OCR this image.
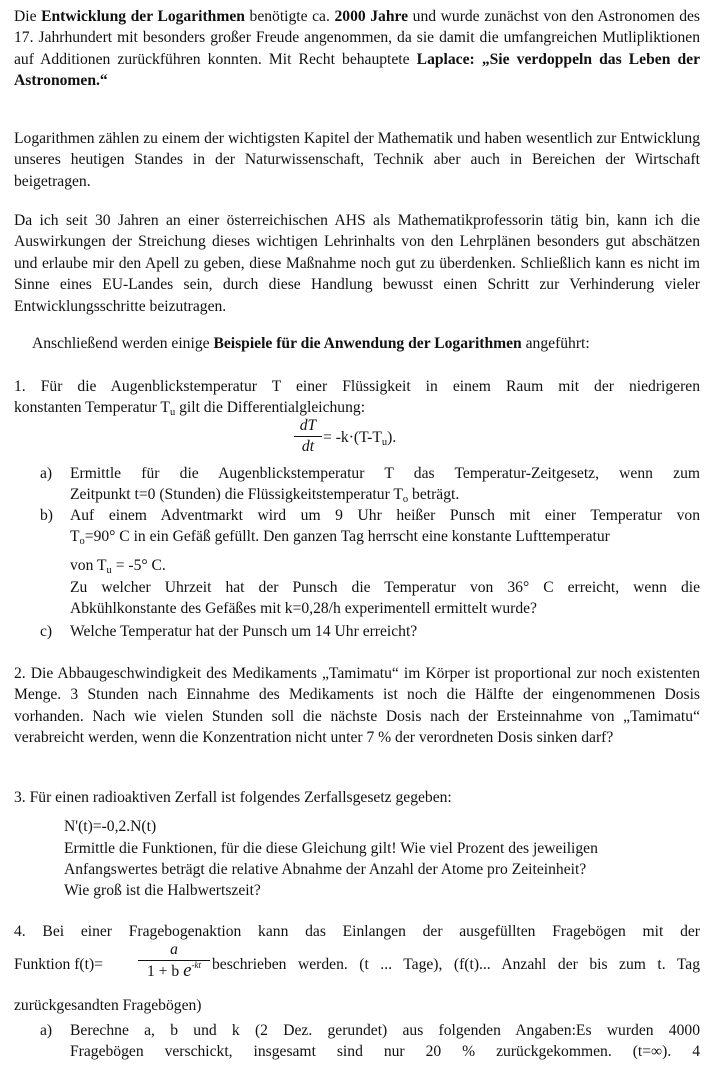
Die Entwicklung der Logarithmen benötigte ca. 2000 Jahre und wurde zunächst von den Astronomen des 17. Jahrhundert mit besonders großer Freude angenommen, da sie damit die umfangreichen Mutlipliktionen auf Additionen zurückführen konnten. Mit Recht behauptete Laplace: „Sie verdoppeln das Leben der Astronomen.“

Logarithmen zählen zu einem der wichtigsten Kapitel der Mathematik und haben wesentlich zur Entwicklung unseres heutigen Standes in der Naturwissenschaft, Technik aber auch in Bereichen der Wirtschaft beigetragen.

Da ich seit 30 Jahren an einer österreichischen AHS als Mathematikprofessorin tätig bin, kann ich die Auswirkungen der Streichung dieses wichtigen Lehrinhalts von den Lehrplänen besonders gut abschätzen und erlaube mir den Apell zu geben, diese Maßnahme noch gut zu überdenken. Schließlich kann es nicht im Sinne eines EU-Landes sein, durch diese Handlung bewusst einen Schritt zur Verhinderung vieler Entwicklungsschritte beizutragen.

Anschließend werden einige Beispiele für die Anwendung der Logarithmen angeführt:

1. Für die Augenblickstemperatur T einer Flüssigkeit in einem Raum mit der niedrigeren
konstanten Temperatur Tu gilt die Differentialgleichung:
dT
dt
= -k·(T-Tu).
a) Ermittle für die Augenblickstemperatur T das Temperatur-Zeitgesetz, wenn zum
Zeitpunkt t=0 (Stunden) die Flüssigkeitstemperatur To beträgt.
b) Auf einem Adventmarkt wird um 9 Uhr heißer Punsch mit einer Temperatur von
To=90° C in ein Gefäß gefüllt. Den ganzen Tag herrscht eine konstante Lufttemperatur
von Tu = -5° C.
Zu welcher Uhrzeit hat der Punsch die Temperatur von 36° C erreicht, wenn die
Abkühlkonstante des Gefäßes mit k=0,28/h experimentell ermittelt wurde?
c) Welche Temperatur hat der Punsch um 14 Uhr erreicht?

2. Die Abbaugeschwindigkeit des Medikaments „Tamimatu“ im Körper ist proportional zur noch existenten Menge. 3 Stunden nach Einnahme des Medikaments ist noch die Hälfte der eingenommenen Dosis vorhanden. Nach wie vielen Stunden soll die nächste Dosis nach der Ersteinnahme von „Tamimatu“ verabreicht werden, wenn die Konzentration nicht unter 7 % der verordneten Dosis sinken darf?

3. Für einen radioaktiven Zerfall ist folgendes Zerfallsgesetz gegeben:
N'(t)=-0,2.N(t)
Ermittle die Funktionen, für die diese Gleichung gilt! Wie viel Prozent des jeweiligen
Anfangswertes beträgt die relative Abnahme der Anzahl der Atome pro Zeiteinheit?
Wie groß ist die Halbwertszeit?
4. Bei einer Fragebogenaktion kann das Einlangen der ausgefüllten Fragebögen mit der
Funktion f(t)=
a
1 + b $e^{-kt}$ beschrieben werden. (t ... Tage), (f(t)... Anzahl der bis zum t. Tag
zurückgesandten Fragebögen)
a) Berechne a, b und k (2 Dez. gerundet) aus folgenden Angaben:Es wurden 4000
Fragebögen verschickt, insgesamt sind nur 20 % zurückgekommen. (t=∞). 4
